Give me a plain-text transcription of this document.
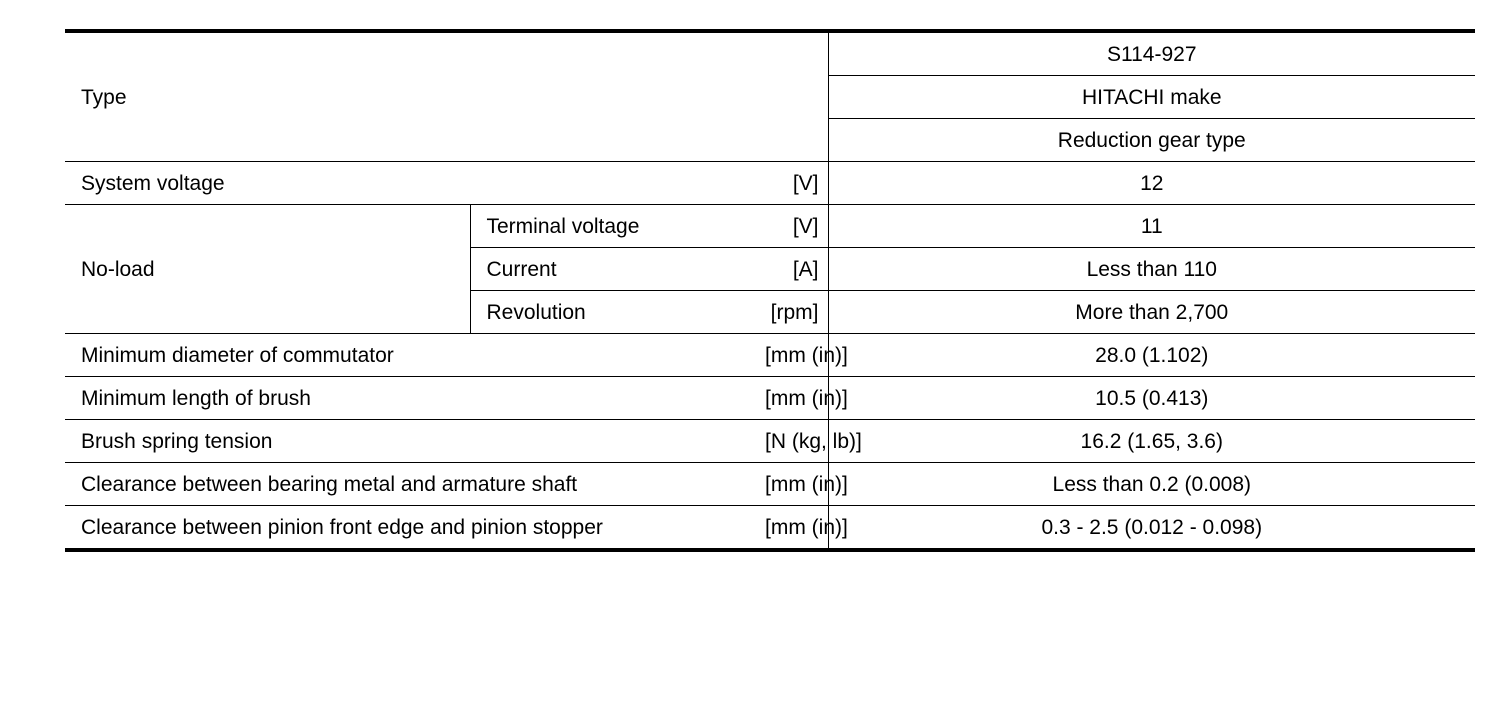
Type			S114-927
			HITACHI make
			Reduction gear type
System voltage		[V]	12
No-load	Terminal voltage	[V]	11
	Current	[A]	Less than 110
	Revolution	[rpm]	More than 2,700
Minimum diameter of commutator		[mm (in)]	28.0 (1.102)
Minimum length of brush		[mm (in)]	10.5 (0.413)
Brush spring tension		[N (kg, lb)]	16.2 (1.65, 3.6)
Clearance between bearing metal and armature shaft		[mm (in)]	Less than 0.2 (0.008)
Clearance between pinion front edge and pinion stopper		[mm (in)]	0.3 - 2.5 (0.012 - 0.098)
